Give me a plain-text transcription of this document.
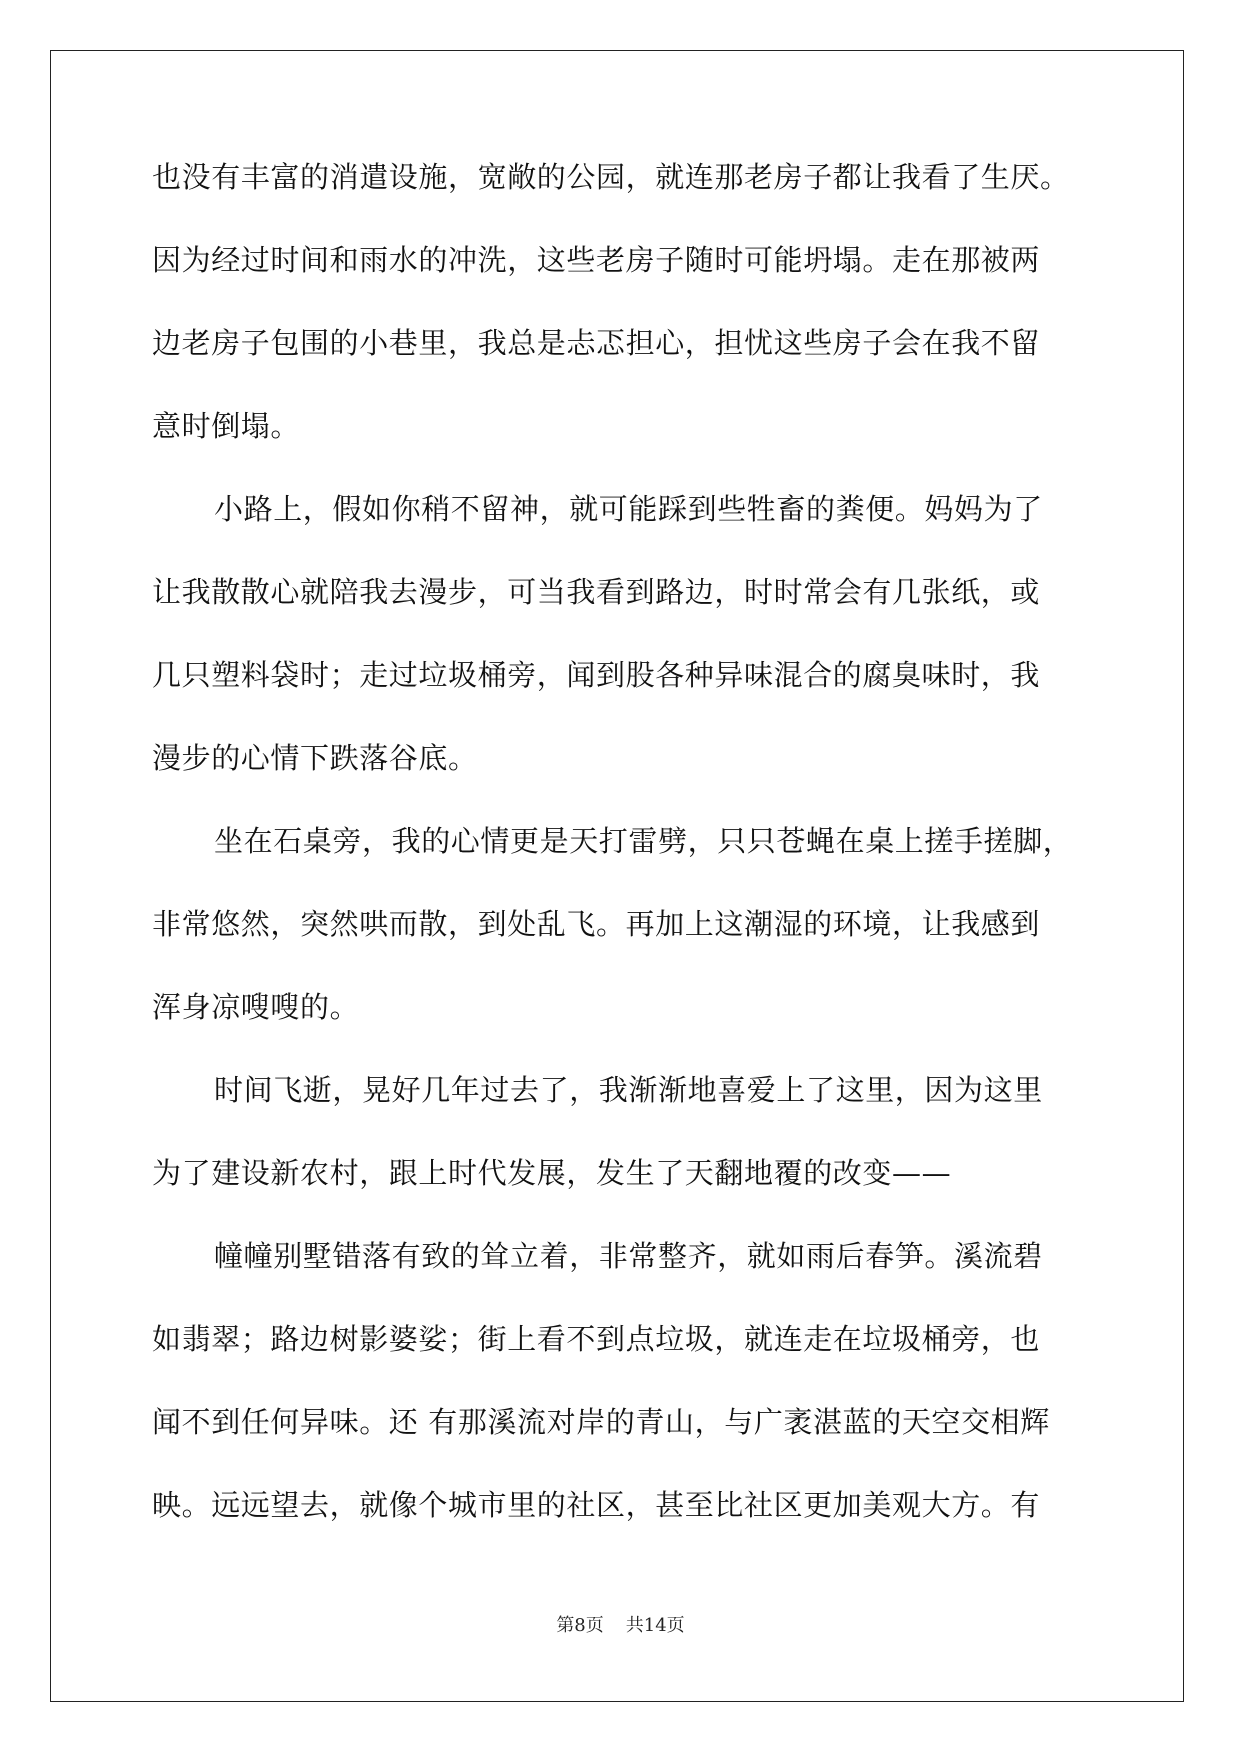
也没有丰富的消遣设施，宽敞的公园，就连那老房子都让我看了生厌。
因为经过时间和雨水的冲洗，这些老房子随时可能坍塌。走在那被两
边老房子包围的小巷里，我总是忐忑担心，担忧这些房子会在我不留
意时倒塌。
小路上，假如你稍不留神，就可能踩到些牲畜的粪便。妈妈为了
让我散散心就陪我去漫步，可当我看到路边，时时常会有几张纸，或
几只塑料袋时；走过垃圾桶旁，闻到股各种异味混合的腐臭味时，我
漫步的心情下跌落谷底。
坐在石桌旁，我的心情更是天打雷劈，只只苍蝇在桌上搓手搓脚，
非常悠然，突然哄而散，到处乱飞。再加上这潮湿的环境，让我感到
浑身凉嗖嗖的。
时间飞逝，晃好几年过去了，我渐渐地喜爱上了这里，因为这里
为了建设新农村，跟上时代发展，发生了天翻地覆的改变——
幢幢别墅错落有致的耸立着，非常整齐，就如雨后春笋。溪流碧
如翡翠；路边树影婆娑；街上看不到点垃圾，就连走在垃圾桶旁，也
闻不到任何异味。还 有那溪流对岸的青山，与广袤湛蓝的天空交相辉
映。远远望去，就像个城市里的社区，甚至比社区更加美观大方。有
第8页 共14页
